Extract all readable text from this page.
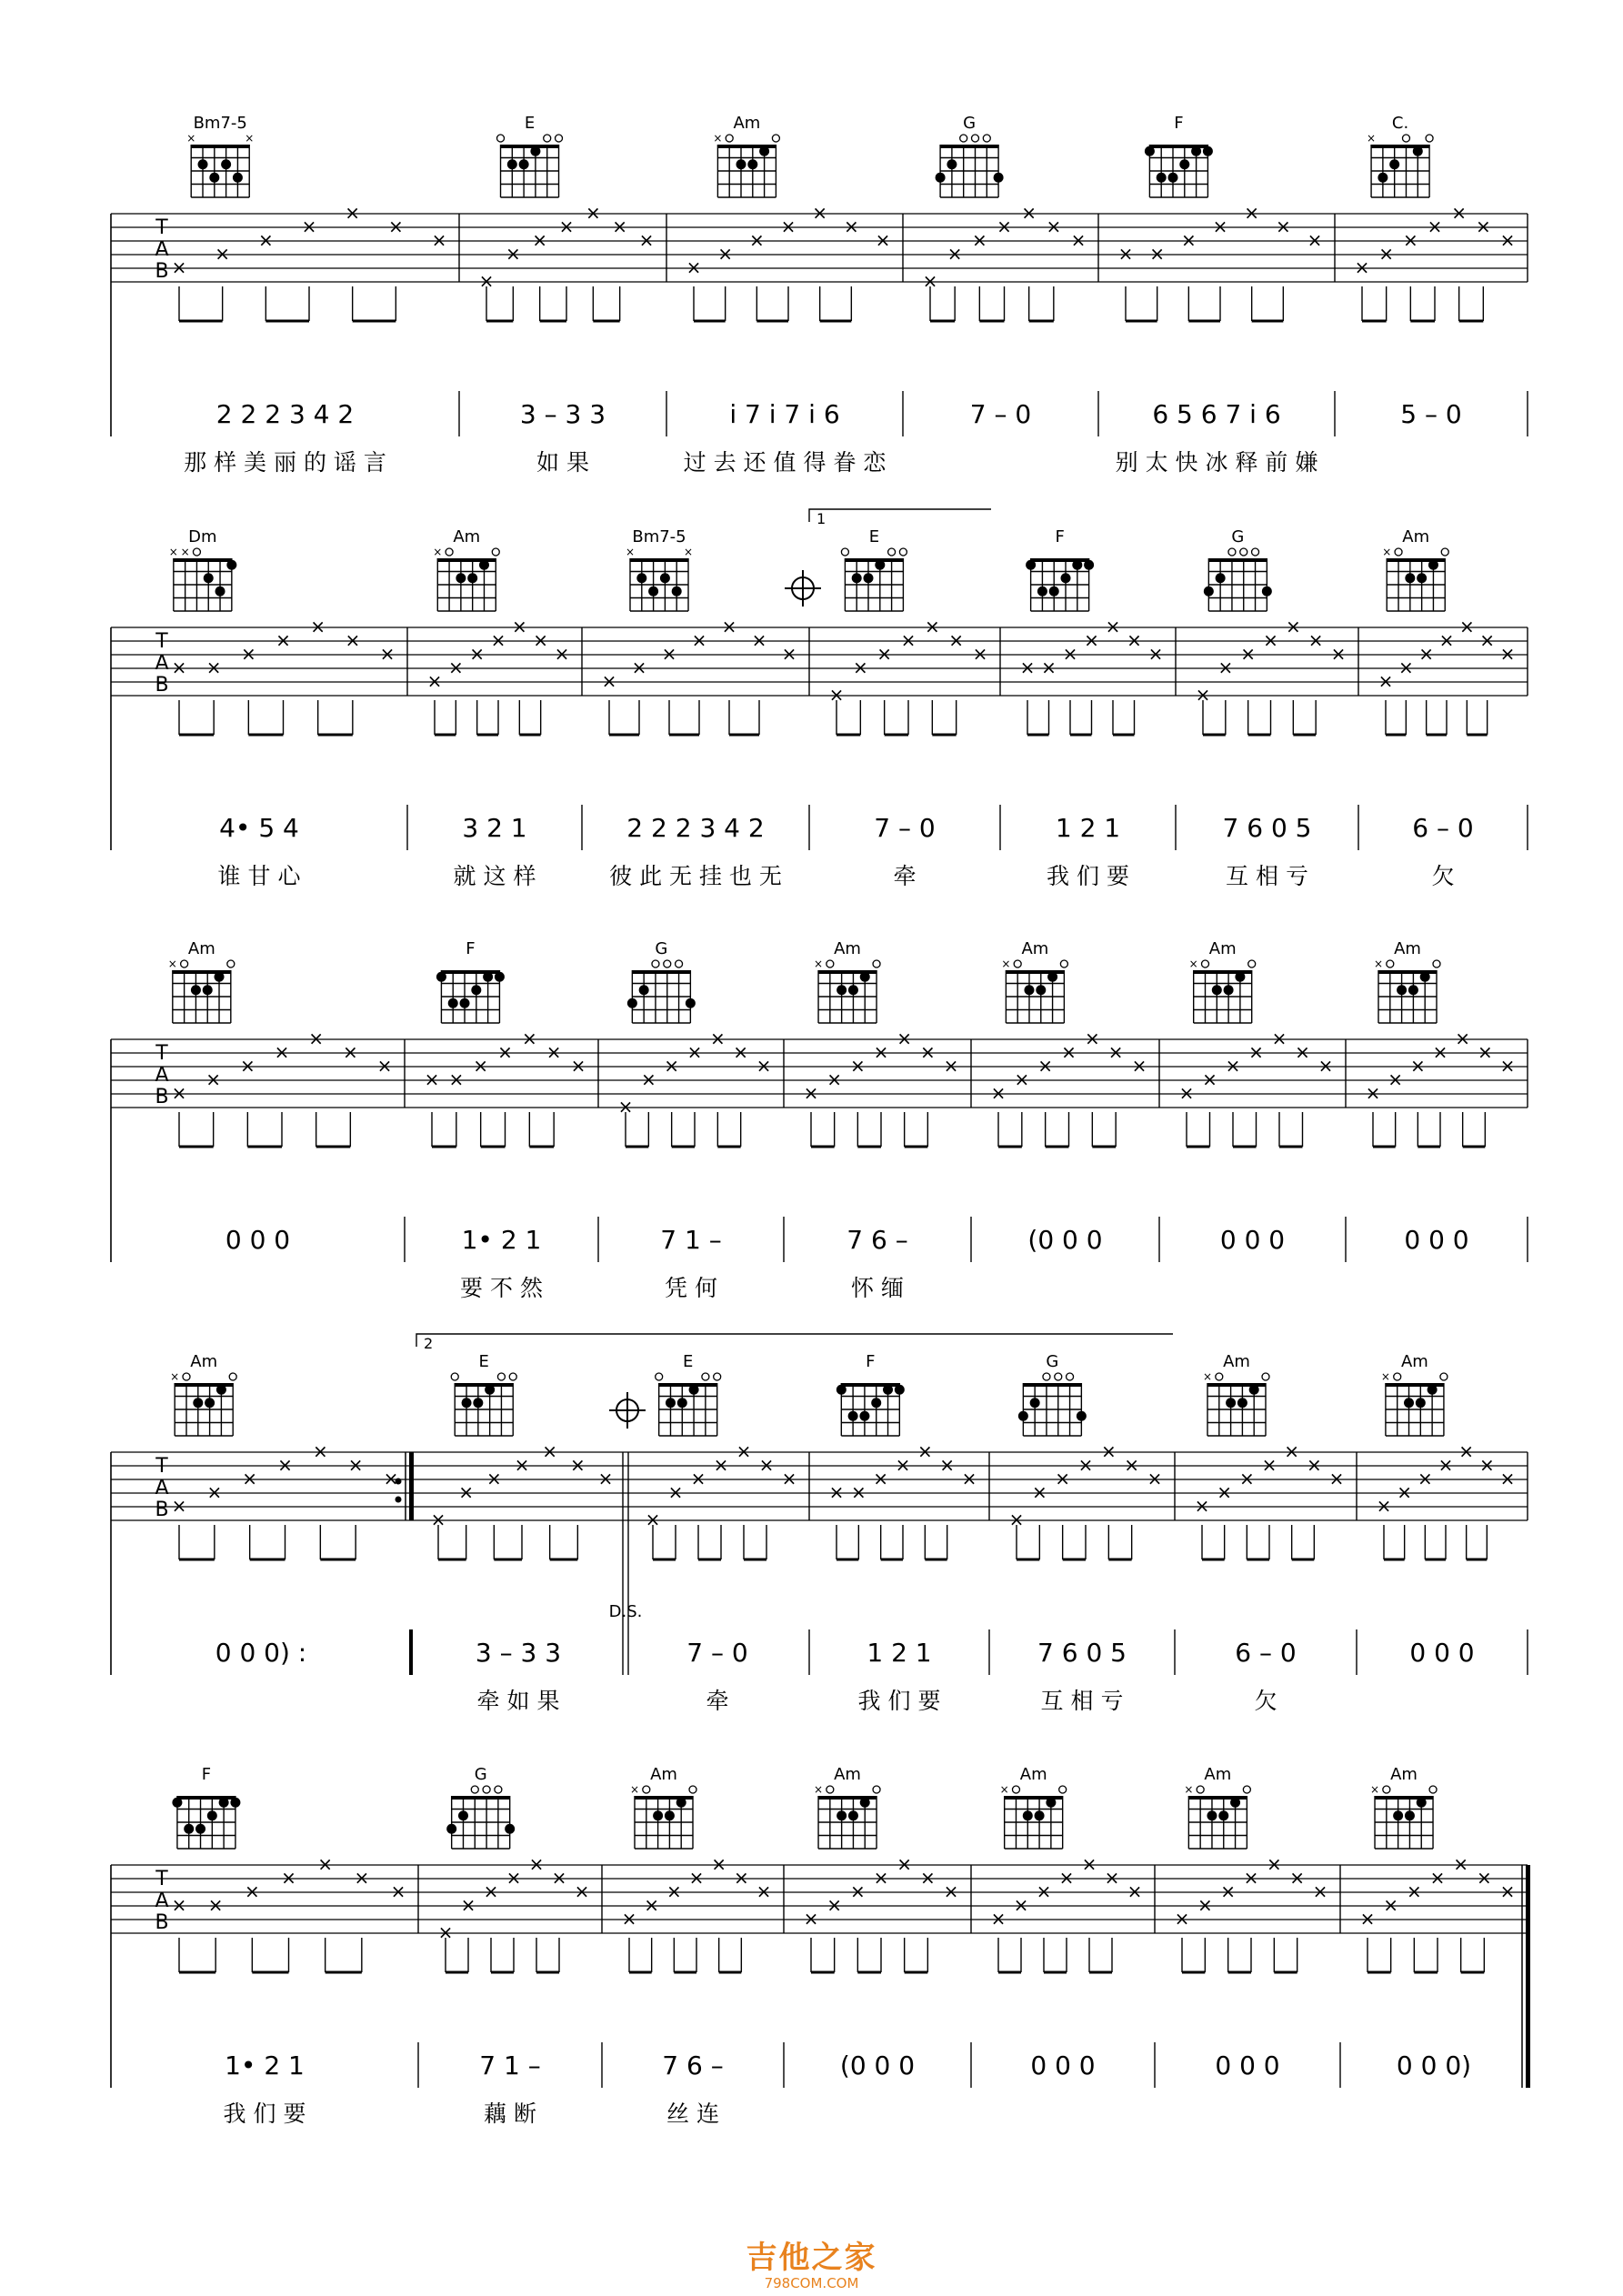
T
A
B
Bm7-5
×	×
×
×
×
×
×
×
×
2 2 2 3 4 2
那 样 美 丽 的 谣 言
E
×
×
×
×
×
×
×
3 – 3 3
如 果
Am
×
×
×
×
×
×
×
×
i 7 i 7 i 6
过 去 还 值 得 眷 恋
G
×
×
×
×
×
×
×
7 – 0
F
× ×
×
×
×
×
×
6 5 6 7 i 6
别 太 快 冰 释 前 嫌
C.
×
×
×
×
×
×
×
×
5 – 0
T
A
B
Dm
× ×
× ×
×
×
×
×
×
4• 5 4
谁 甘 心
Am
×
×
×
×
×
×
×
×
3 2 1
就 这 样
Bm7-5
×	×
×
×
×
×
×
×
×
2 2 2 3 4 2
彼 此 无 挂 也 无
E
×
×
×
×
×
×
×
7 – 0
牵
F
× ×
×
×
×
×
×
1 2 1
我 们 要
G
×
×
×
×
×
×
×
7 6 0 5
互 相 亏
Am
×
×
×
×
×
×
×
×
6 – 0
欠
T
A
B
Am
×
×
×
×
×
×
×
×
0 0 0
F
× ×
×
×
×
×
×
1• 2 1
要 不 然
G
×
×
×
×
×
×
×
7 1 –
凭 何
Am
×
×
×
×
×
×
×
×
7 6 –
怀 缅
Am
×
×
×
×
×
×
×
×
(0 0 0
Am
×
×
×
×
×
×
×
×
0 0 0
Am
×
×
×
×
×
×
×
×
0 0 0
T
A
B
Am
×
×
×
×
×
×
×
×
0 0 0) :
E
×
×
×
×
×
×
×
3 – 3 3
牵 如 果
E
×
×
×
×
×
×
×
7 – 0
牵
F
× ×
×
×
×
×
×
1 2 1
我 们 要
G
×
×
×
×
×
×
×
7 6 0 5
互 相 亏
Am
×
×
×
×
×
×
×
×
6 – 0
欠
Am
×
×
×
×
×
×
×
×
0 0 0
T
A
B
F
× ×
×
×
×
×
×
1• 2 1
我 们 要
G
×
×
×
×
×
×
×
7 1 –
藕 断
Am
×
×
×
×
×
×
×
×
7 6 –
丝 连
Am
×
×
×
×
×
×
×
×
(0 0 0
Am
×
×
×
×
×
×
×
×
0 0 0
Am
×
×
×
×
×
×
×
×
0 0 0
Am
×
×
×
×
×
×
×
×
0 0 0)
1
2
D.S.
吉他之家
798COM.COM
